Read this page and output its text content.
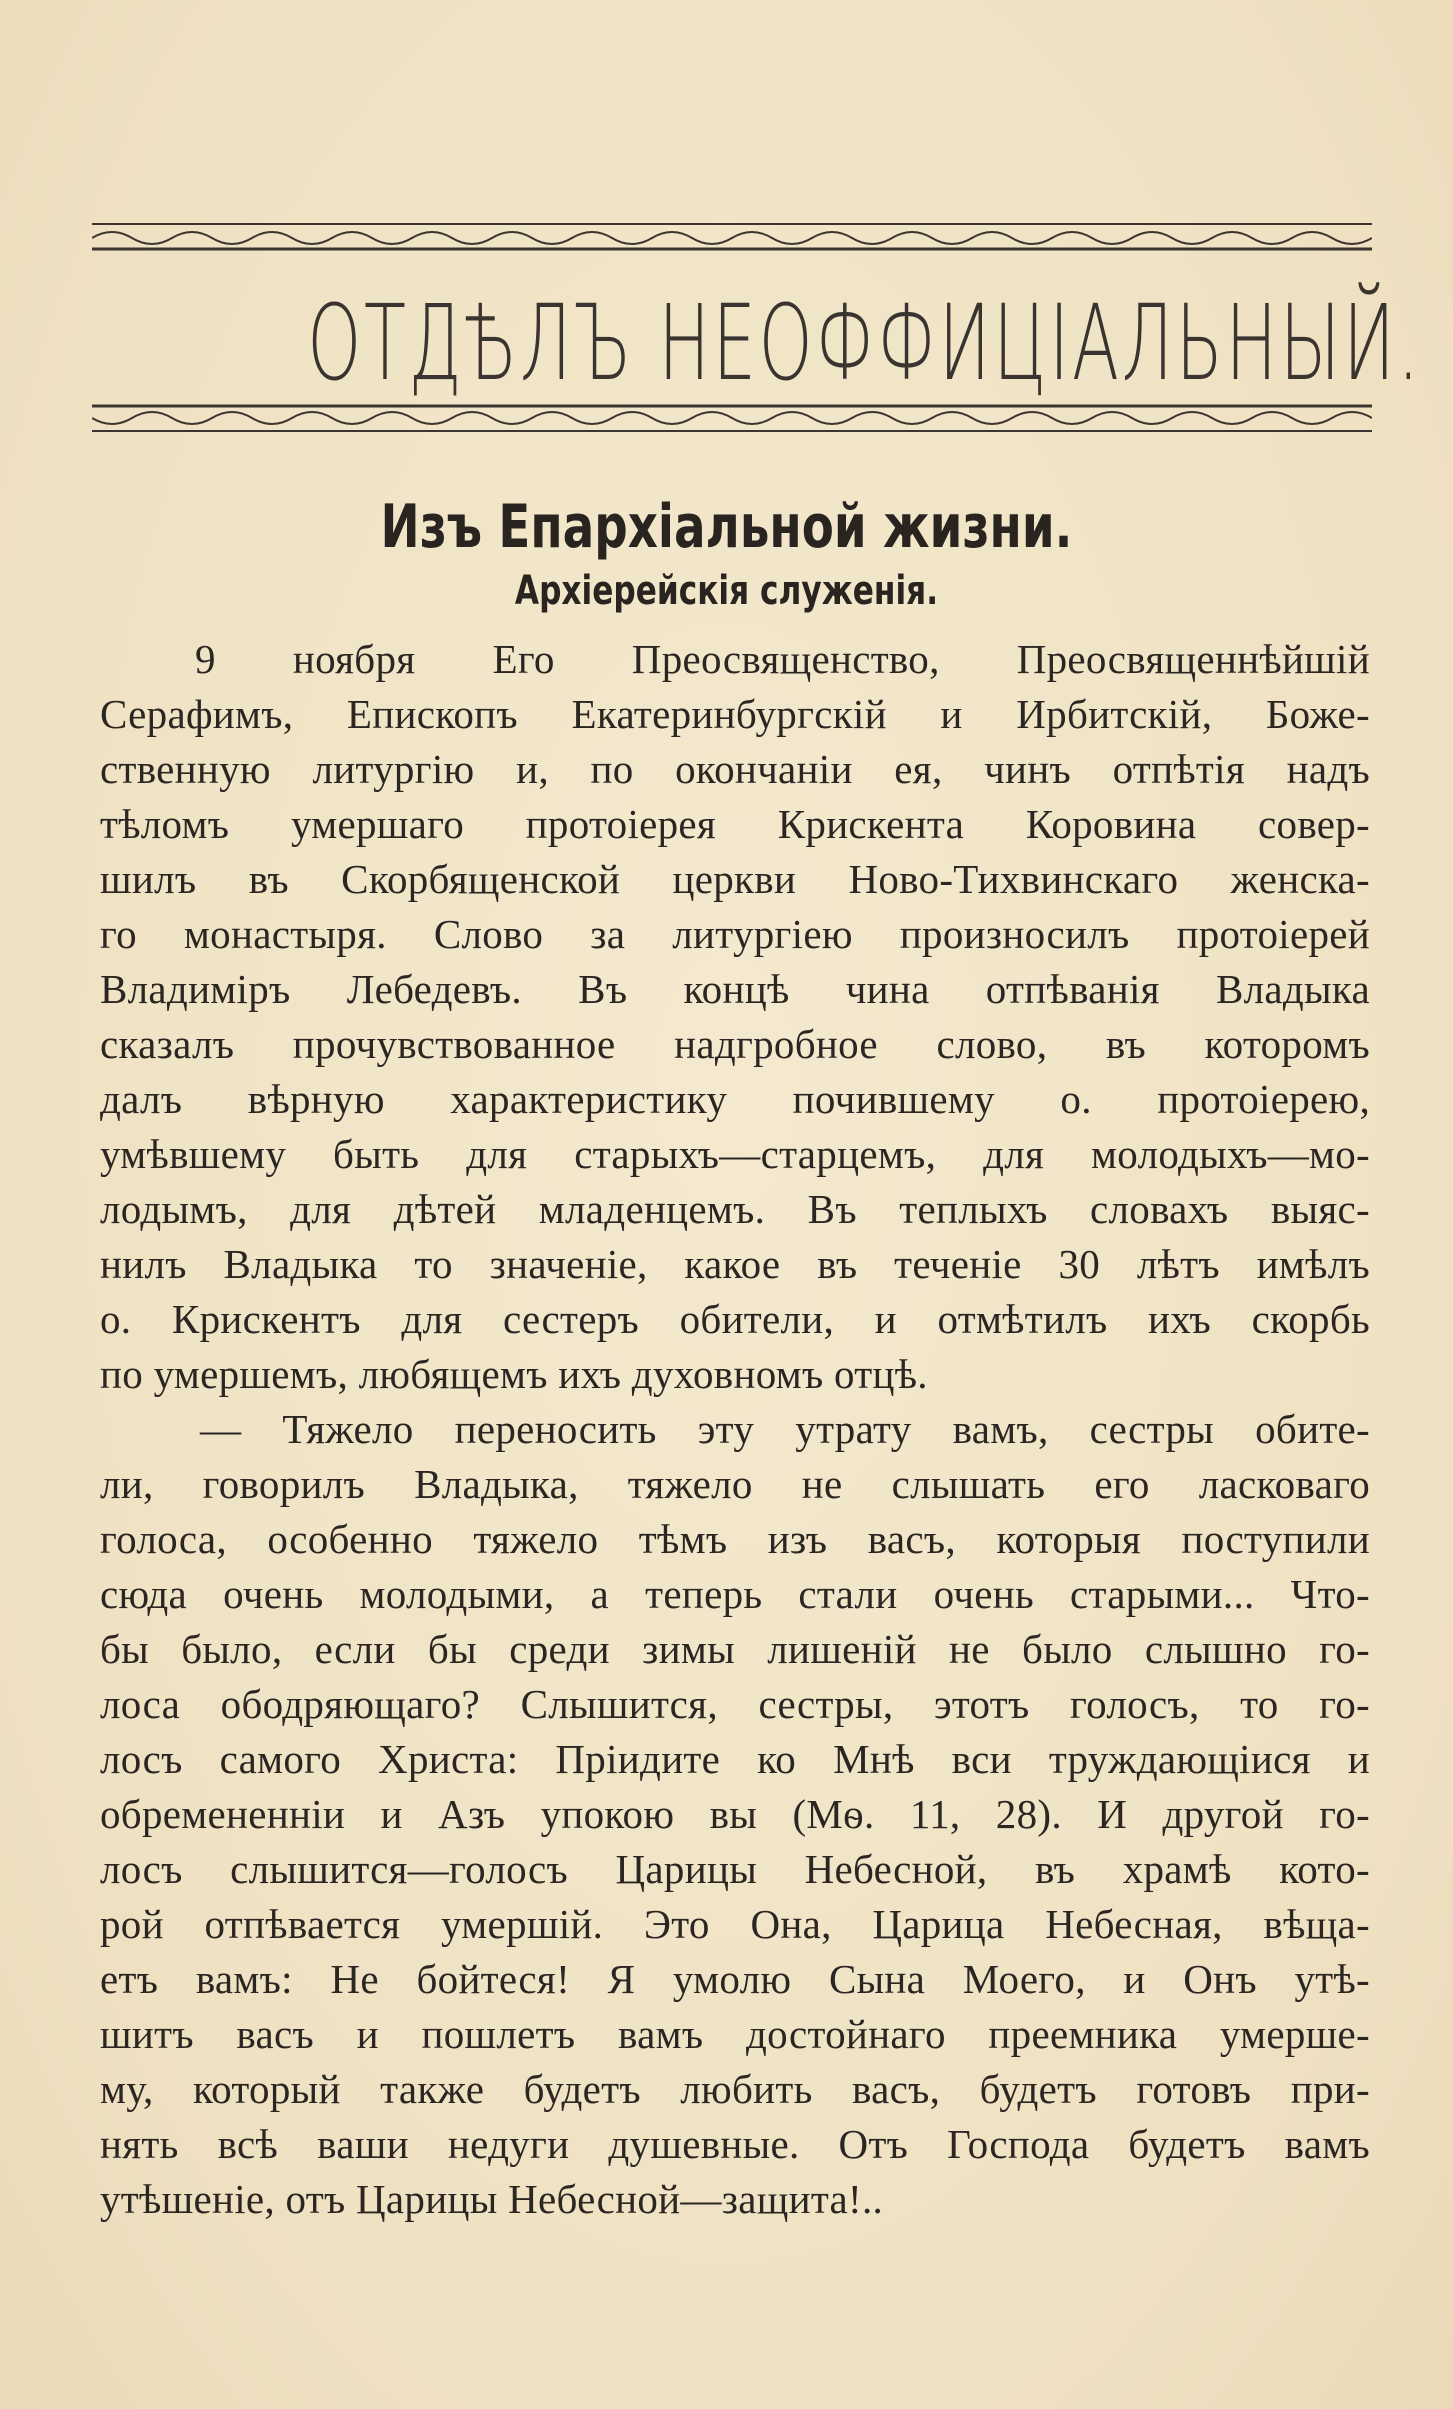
ОТДѢЛЪ НЕОФФИЦІАЛЬНЫЙ.
Изъ Епархіальной жизни.
Архіерейскія служенія.
9 ноября Его Преосвященство, Преосвященнѣйшій
Серафимъ, Епископъ Екатеринбургскій и Ирбитскій, Боже-
ственную литургію и, по окончаніи ея, чинъ отпѣтія надъ
тѣломъ умершаго протоіерея Крискента Коровина совер-
шилъ въ Скорбященской церкви Ново-Тихвинскаго женска-
го монастыря. Слово за литургіею произносилъ протоіерей
Владиміръ Лебедевъ. Въ концѣ чина отпѣванія Владыка
сказалъ прочувствованное надгробное слово, въ которомъ
далъ вѣрную характеристику почившему о. протоіерею,
умѣвшему быть для старыхъ—старцемъ, для молодыхъ—мо-
лодымъ, для дѣтей младенцемъ. Въ теплыхъ словахъ выяс-
нилъ Владыка то значеніе, какое въ теченіе 30 лѣтъ имѣлъ
о. Крискентъ для сестеръ обители, и отмѣтилъ ихъ скорбь
по умершемъ, любящемъ ихъ духовномъ отцѣ.
— Тяжело переносить эту утрату вамъ, сестры обите-
ли, говорилъ Владыка, тяжело не слышать его ласковаго
голоса, особенно тяжело тѣмъ изъ васъ, которыя поступили
сюда очень молодыми, а теперь стали очень старыми... Что-
бы было, если бы среди зимы лишеній не было слышно го-
лоса ободряющаго? Слышится, сестры, этотъ голосъ, то го-
лосъ самого Христа: Пріидите ко Мнѣ вси труждающіися и
обремененніи и Азъ упокою вы (Мѳ. 11, 28). И другой го-
лосъ слышится—голосъ Царицы Небесной, въ храмѣ кото-
рой отпѣвается умершій. Это Она, Царица Небесная, вѣща-
етъ вамъ: Не бойтеся! Я умолю Сына Моего, и Онъ утѣ-
шитъ васъ и пошлетъ вамъ достойнаго преемника умерше-
му, который также будетъ любить васъ, будетъ готовъ при-
нять всѣ ваши недуги душевные. Отъ Господа будетъ вамъ
утѣшеніе, отъ Царицы Небесной—защита!..
